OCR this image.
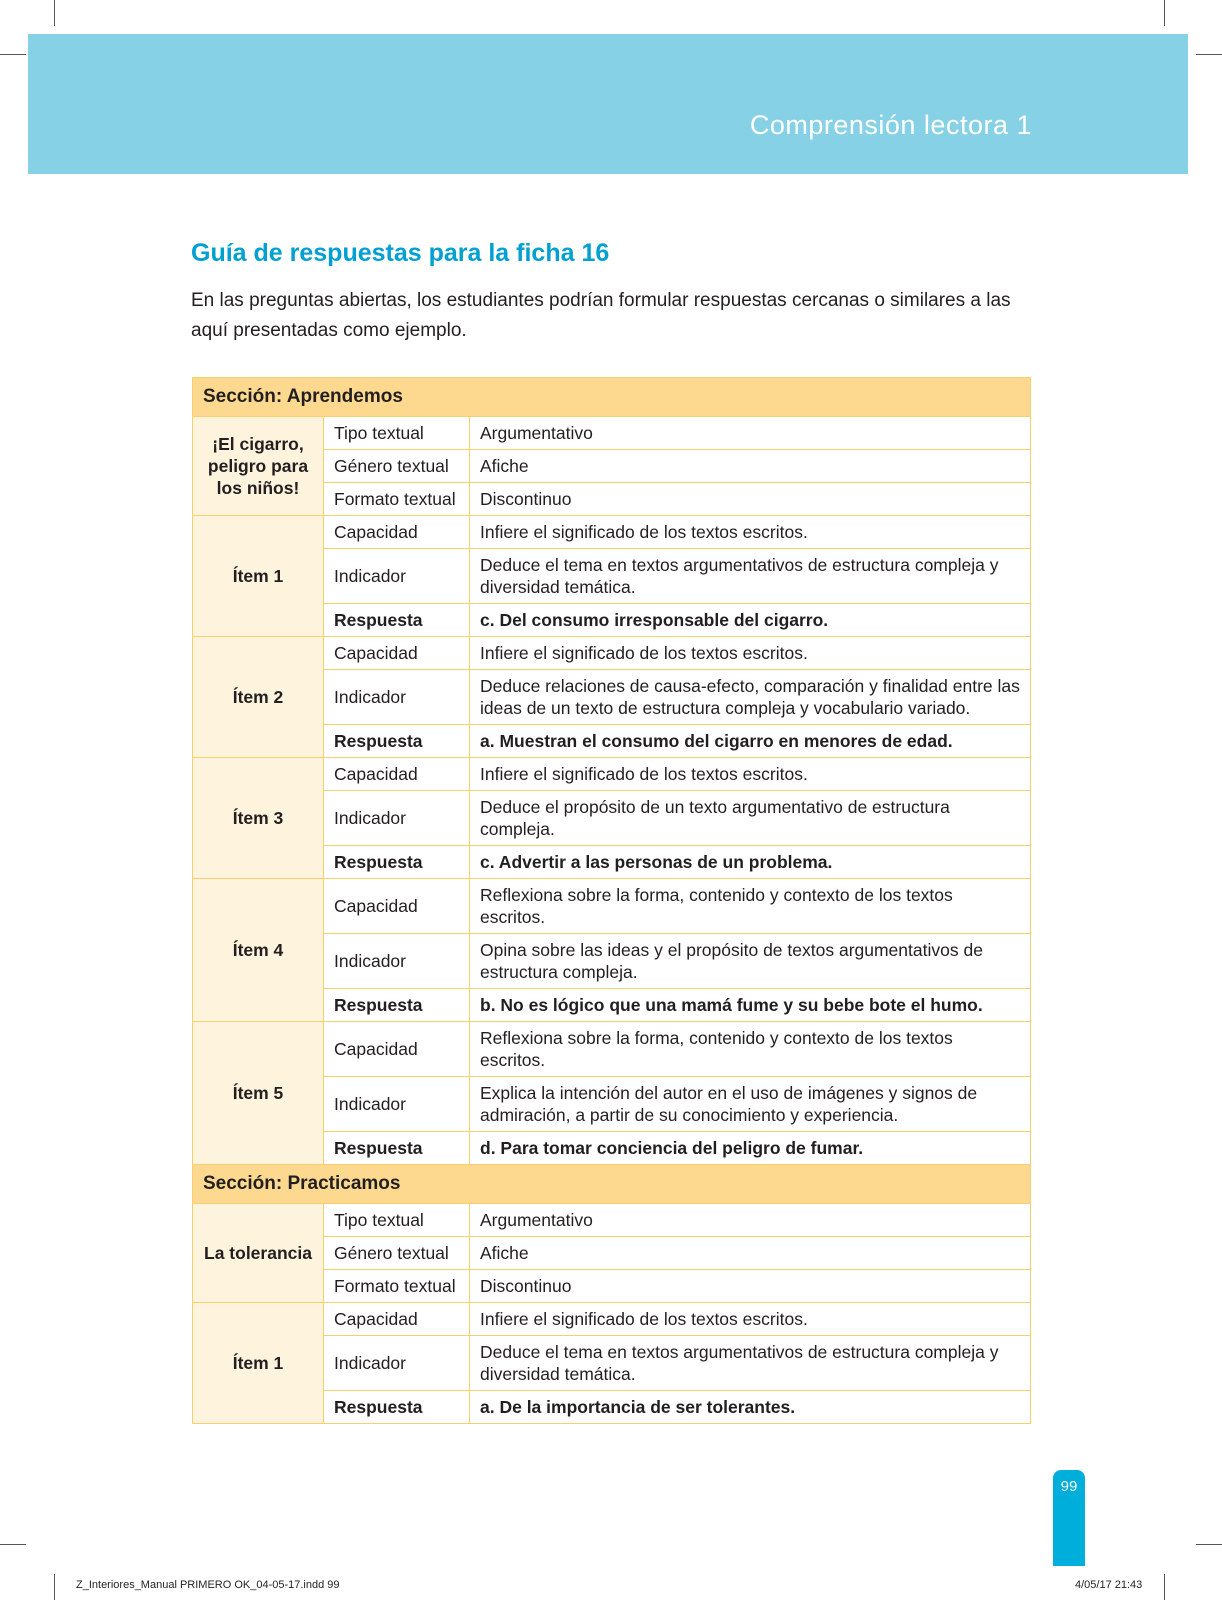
Comprensión lectora 1
Guía de respuestas para la ficha 16
En las preguntas abiertas, los estudiantes podrían formular respuestas cercanas o similares a las aquí presentadas como ejemplo.
Sección: Aprendemos		
¡El cigarro, peligro para los niños!	Tipo textual	Argumentativo
	Género textual	Afiche
	Formato textual	Discontinuo
Ítem 1	Capacidad	Infiere el significado de los textos escritos.
	Indicador	Deduce el tema en textos argumentativos de estructura compleja y diversidad temática.
	Respuesta	c. Del consumo irresponsable del cigarro.
Ítem 2	Capacidad	Infiere el significado de los textos escritos.
	Indicador	Deduce relaciones de causa-efecto, comparación y finalidad entre las ideas de un texto de estructura compleja y vocabulario variado.
	Respuesta	a. Muestran el consumo del cigarro en menores de edad.
Ítem 3	Capacidad	Infiere el significado de los textos escritos.
	Indicador	Deduce el propósito de un texto argumentativo de estructura compleja.
	Respuesta	c. Advertir a las personas de un problema.
Ítem 4	Capacidad	Reflexiona sobre la forma, contenido y contexto de los textos escritos.
	Indicador	Opina sobre las ideas y el propósito de textos argumentativos de estructura compleja.
	Respuesta	b. No es lógico que una mamá fume y su bebe bote el humo.
Ítem 5	Capacidad	Reflexiona sobre la forma, contenido y contexto de los textos escritos.
	Indicador	Explica la intención del autor en el uso de imágenes y signos de admiración, a partir de su conocimiento y experiencia.
	Respuesta	d. Para tomar conciencia del peligro de fumar.
Sección: Practicamos		
La tolerancia	Tipo textual	Argumentativo
	Género textual	Afiche
	Formato textual	Discontinuo
Ítem 1	Capacidad	Infiere el significado de los textos escritos.
	Indicador	Deduce el tema en textos argumentativos de estructura compleja y diversidad temática.
	Respuesta	a. De la importancia de ser tolerantes.
99
Z_Interiores_Manual PRIMERO OK_04-05-17.indd 99	4/05/17 21:43
